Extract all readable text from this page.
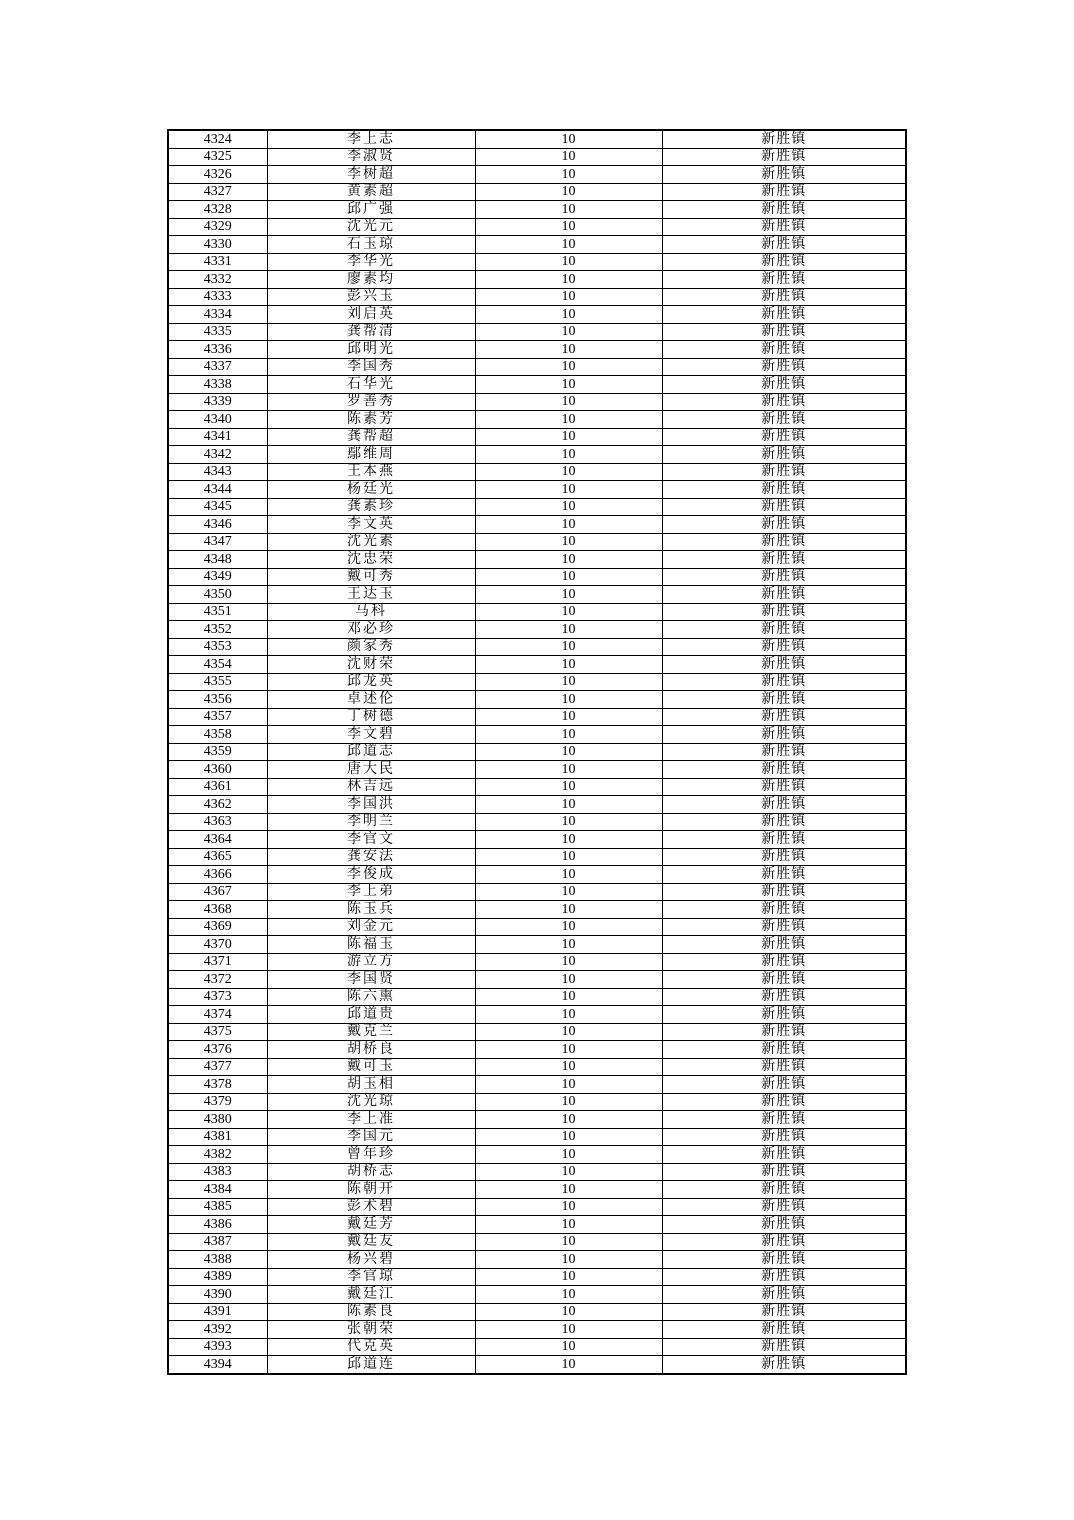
4324	李上志	10	新胜镇
4325	李淑贤	10	新胜镇
4326	李树超	10	新胜镇
4327	黄素超	10	新胜镇
4328	邱广强	10	新胜镇
4329	沈光元	10	新胜镇
4330	石玉琼	10	新胜镇
4331	李华光	10	新胜镇
4332	廖素均	10	新胜镇
4333	彭兴玉	10	新胜镇
4334	刘启英	10	新胜镇
4335	龚帮清	10	新胜镇
4336	邱明光	10	新胜镇
4337	李国秀	10	新胜镇
4338	石华光	10	新胜镇
4339	罗善秀	10	新胜镇
4340	陈素芳	10	新胜镇
4341	龚帮超	10	新胜镇
4342	鄢维周	10	新胜镇
4343	王本燕	10	新胜镇
4344	杨廷光	10	新胜镇
4345	龚素珍	10	新胜镇
4346	李文英	10	新胜镇
4347	沈光素	10	新胜镇
4348	沈忠荣	10	新胜镇
4349	戴可秀	10	新胜镇
4350	王达玉	10	新胜镇
4351	马科	10	新胜镇
4352	邓必珍	10	新胜镇
4353	颜家秀	10	新胜镇
4354	沈财荣	10	新胜镇
4355	邱龙英	10	新胜镇
4356	卓述伦	10	新胜镇
4357	丁树德	10	新胜镇
4358	李文碧	10	新胜镇
4359	邱道志	10	新胜镇
4360	唐大民	10	新胜镇
4361	林吉远	10	新胜镇
4362	李国洪	10	新胜镇
4363	李明兰	10	新胜镇
4364	李官文	10	新胜镇
4365	龚安法	10	新胜镇
4366	李俊成	10	新胜镇
4367	李上弟	10	新胜镇
4368	陈玉兵	10	新胜镇
4369	刘金元	10	新胜镇
4370	陈福玉	10	新胜镇
4371	游立方	10	新胜镇
4372	李国贤	10	新胜镇
4373	陈六熏	10	新胜镇
4374	邱道贵	10	新胜镇
4375	戴克兰	10	新胜镇
4376	胡桥良	10	新胜镇
4377	戴可玉	10	新胜镇
4378	胡玉相	10	新胜镇
4379	沈光琼	10	新胜镇
4380	李上准	10	新胜镇
4381	李国元	10	新胜镇
4382	曾年珍	10	新胜镇
4383	胡桥志	10	新胜镇
4384	陈朝开	10	新胜镇
4385	彭术碧	10	新胜镇
4386	戴廷芳	10	新胜镇
4387	戴廷友	10	新胜镇
4388	杨兴碧	10	新胜镇
4389	李官琼	10	新胜镇
4390	戴廷江	10	新胜镇
4391	陈素良	10	新胜镇
4392	张朝荣	10	新胜镇
4393	代克英	10	新胜镇
4394	邱道连	10	新胜镇
